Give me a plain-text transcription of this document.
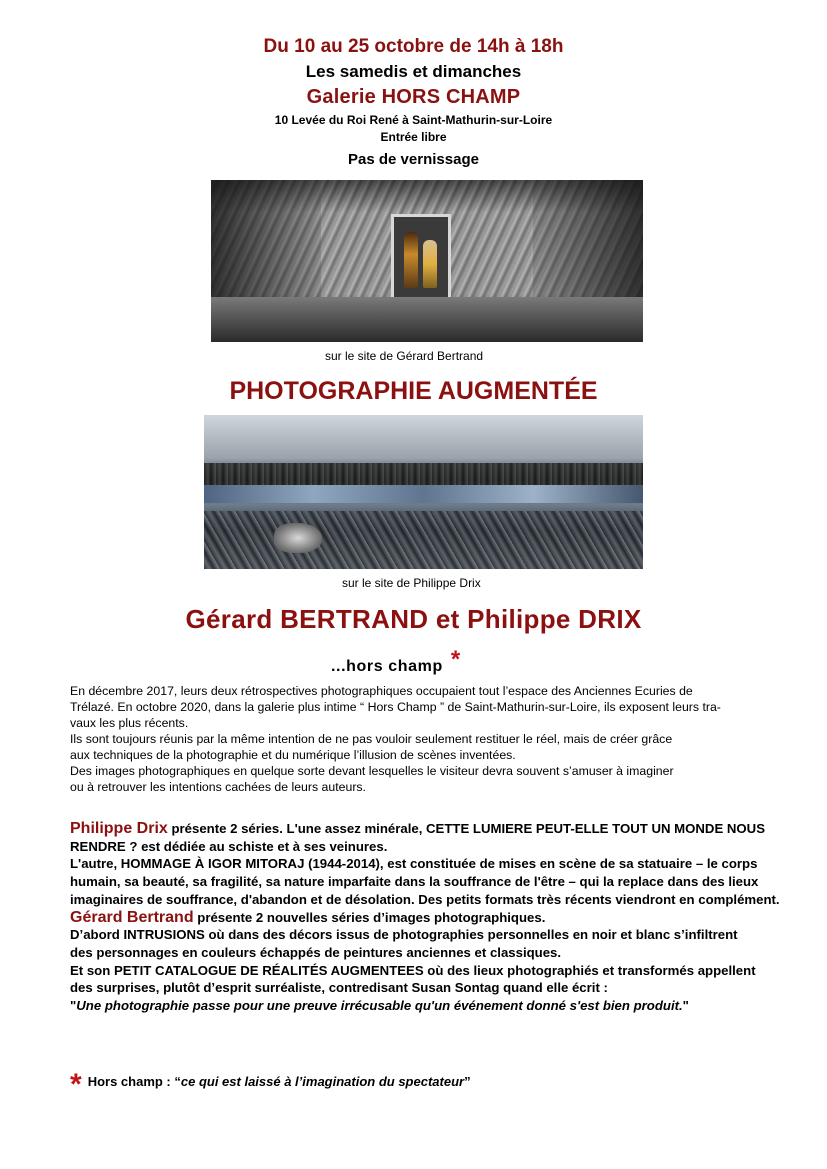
Du 10 au 25 octobre de 14h à 18h
Les samedis et dimanches
Galerie HORS CHAMP
10 Levée du Roi René à Saint-Mathurin-sur-Loire
Entrée libre
Pas de vernissage
sur le site de Gérard Bertrand
PHOTOGRAPHIE AUGMENTÉE
sur le site de Philippe Drix
Gérard BERTRAND et Philippe DRIX
...hors champ *
En décembre 2017, leurs deux rétrospectives photographiques occupaient tout l’espace des Anciennes Ecuries de
Trélazé. En octobre 2020, dans la galerie plus intime “ Hors Champ ” de Saint-Mathurin-sur-Loire, ils exposent leurs tra-
vaux les plus récents.
Ils sont toujours réunis par la même intention de ne pas vouloir seulement restituer le réel, mais de créer grâce
aux techniques de la photographie et du numérique l’illusion de scènes inventées.
Des images photographiques en quelque sorte devant lesquelles le visiteur devra souvent s’amuser à imaginer
ou à retrouver les intentions cachées de leurs auteurs.
Philippe Drix présente 2 séries. L'une assez minérale, CETTE LUMIERE PEUT-ELLE TOUT UN MONDE NOUS
RENDRE ? est dédiée au schiste et à ses veinures.
L'autre, HOMMAGE À IGOR MITORAJ (1944-2014), est constituée de mises en scène de sa statuaire – le corps
humain, sa beauté, sa fragilité, sa nature imparfaite dans la souffrance de l'être – qui la replace dans des lieux
imaginaires de souffrance, d'abandon et de désolation. Des petits formats très récents viendront en complément.
Gérard Bertrand présente 2 nouvelles séries d’images photographiques.
D’abord INTRUSIONS où dans des décors issus de photographies personnelles en noir et blanc s’infiltrent
des personnages en couleurs échappés de peintures anciennes et classiques.
Et son PETIT CATALOGUE DE RÉALITÉS AUGMENTEES où des lieux photographiés et transformés appellent
des surprises, plutôt d’esprit surréaliste, contredisant Susan Sontag quand elle écrit :
"Une photographie passe pour une preuve irrécusable qu'un événement donné s'est bien produit."
* Hors champ : “ce qui est laissé à l’imagination du spectateur”
